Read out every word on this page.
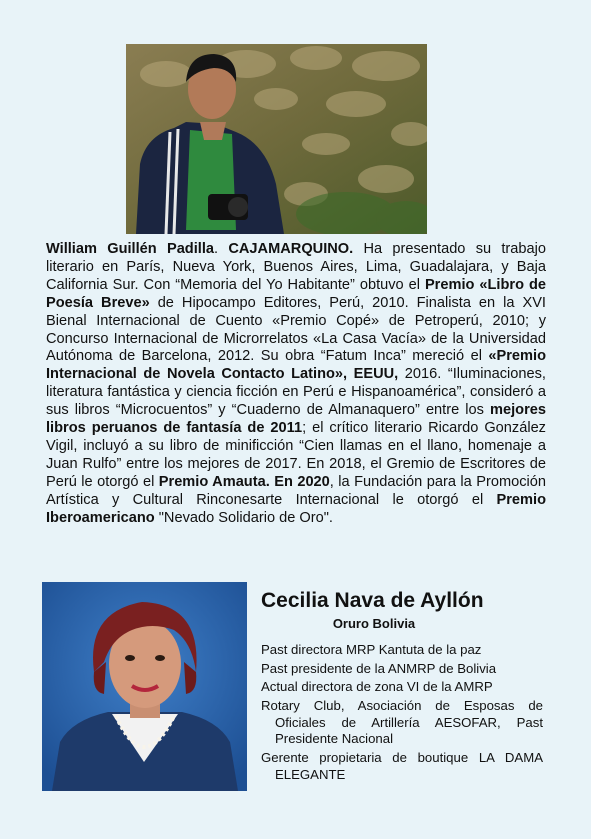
William Guillén Padilla. CAJAMARQUINO. Ha presentado su trabajo literario en París, Nueva York, Buenos Aires, Lima, Guadalajara, y Baja California Sur. Con “Memoria del Yo Habitante” obtuvo el Premio «Libro de Poesía Breve» de Hipocampo Editores, Perú, 2010. Finalista en la XVI Bienal Internacional de Cuento «Premio Copé» de Petroperú, 2010; y Concurso Internacional de Microrrelatos «La Casa Vacía» de la Universidad Autónoma de Barcelona, 2012. Su obra “Fatum Inca” mereció el «Premio Internacional de Novela Contacto Latino», EEUU, 2016. “Iluminaciones, literatura fantástica y ciencia ficción en Perú e Hispanoamérica”, consideró a sus libros “Microcuentos” y “Cuaderno de Almanaquero” entre los mejores libros peruanos de fantasía de 2011; el crítico literario Ricardo González Vigil, incluyó a su libro de minificción “Cien llamas en el llano, homenaje a Juan Rulfo” entre los mejores de 2017. En 2018, el Gremio de Escritores de Perú le otorgó el Premio Amauta. En 2020, la Fundación para la Promoción Artística y Cultural Rinconesarte Internacional le otorgó el Premio Iberoamericano "Nevado Solidario de Oro".

Cecilia Nava de Ayllón

Oruro Bolivia

Past directora MRP Kantuta de la paz
Past presidente de la ANMRP de Bolivia
Actual directora de zona VI de la AMRP
Rotary Club, Asociación de Esposas de Oficiales de Artillería AESOFAR, Past Presidente Nacional
Gerente propietaria de boutique LA DAMA ELEGANTE
